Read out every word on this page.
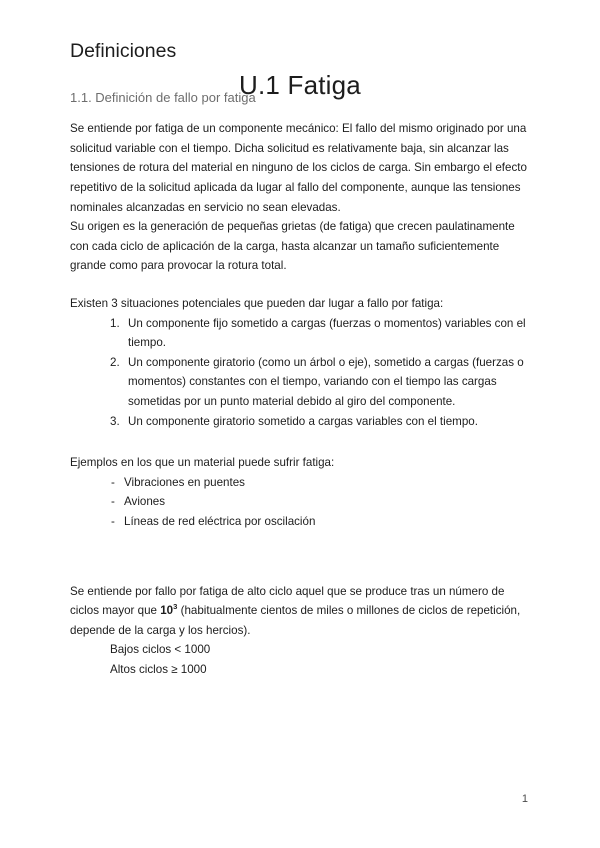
U.1 Fatiga
Definiciones
1.1. Definición de fallo por fatiga

Se entiende por fatiga de un componente mecánico: El fallo del mismo originado por una solicitud variable con el tiempo. Dicha solicitud es relativamente baja, sin alcanzar las tensiones de rotura del material en ninguno de los ciclos de carga. Sin embargo el efecto repetitivo de la solicitud aplicada da lugar al fallo del componente, aunque las tensiones nominales alcanzadas en servicio no sean elevadas.

Su origen es la generación de pequeñas grietas (de fatiga) que crecen paulatinamente con cada ciclo de aplicación de la carga, hasta alcanzar un tamaño suficientemente grande como para provocar la rotura total.

Existen 3 situaciones potenciales que pueden dar lugar a fallo por fatiga:

Un componente fijo sometido a cargas (fuerzas o momentos) variables con el tiempo.
Un componente giratorio (como un árbol o eje), sometido a cargas (fuerzas o momentos) constantes con el tiempo, variando con el tiempo las cargas sometidas por un punto material debido al giro del componente.
Un componente giratorio sometido a cargas variables con el tiempo.

Ejemplos en los que un material puede sufrir fatiga:

- Vibraciones en puentes
- Aviones
- Líneas de red eléctrica por oscilación

Se entiende por fallo por fatiga de alto ciclo aquel que se produce tras un número de ciclos mayor que $10^3$ (habitualmente cientos de miles o millones de ciclos de repetición, depende de la carga y los hercios).

Bajos ciclos < 1000

Altos ciclos ≥ 1000

1
